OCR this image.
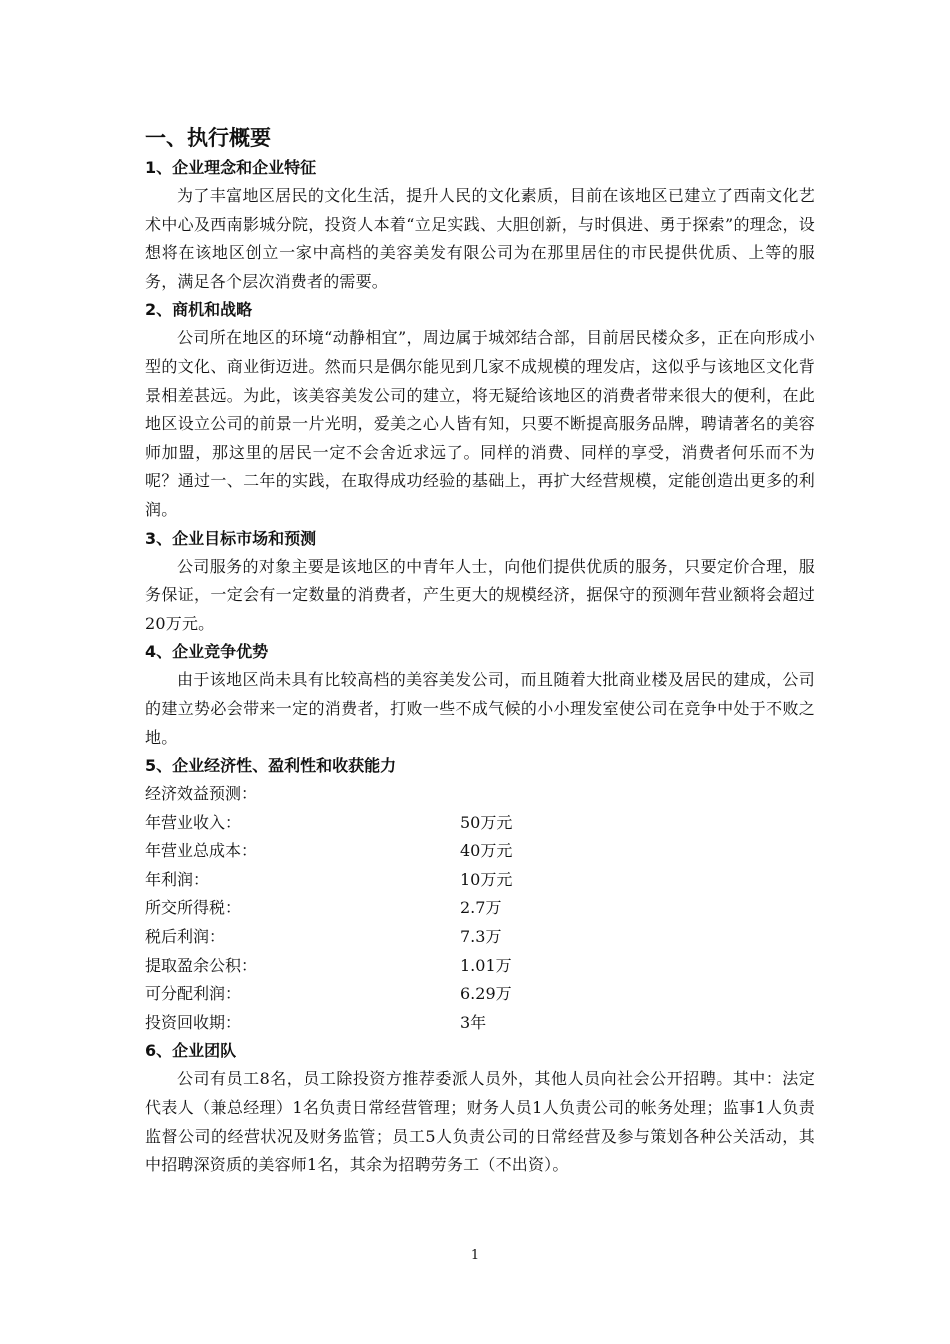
一、执行概要
1、企业理念和企业特征

为了丰富地区居民的文化生活，提升人民的文化素质，目前在该地区已建立了西南文化艺术中心及西南影城分院，投资人本着“立足实践、大胆创新，与时俱进、勇于探索”的理念，设想将在该地区创立一家中高档的美容美发有限公司为在那里居住的市民提供优质、上等的服务，满足各个层次消费者的需要。

2、商机和战略

公司所在地区的环境“动静相宜”，周边属于城郊结合部，目前居民楼众多，正在向形成小型的文化、商业街迈进。然而只是偶尔能见到几家不成规模的理发店，这似乎与该地区文化背景相差甚远。为此，该美容美发公司的建立，将无疑给该地区的消费者带来很大的便利，在此地区设立公司的前景一片光明，爱美之心人皆有知，只要不断提高服务品牌，聘请著名的美容师加盟，那这里的居民一定不会舍近求远了。同样的消费、同样的享受，消费者何乐而不为呢？通过一、二年的实践，在取得成功经验的基础上，再扩大经营规模，定能创造出更多的利润。

3、企业目标市场和预测

公司服务的对象主要是该地区的中青年人士，向他们提供优质的服务，只要定价合理，服务保证，一定会有一定数量的消费者，产生更大的规模经济，据保守的预测年营业额将会超过20万元。

4、企业竞争优势

由于该地区尚未具有比较高档的美容美发公司，而且随着大批商业楼及居民的建成，公司的建立势必会带来一定的消费者，打败一些不成气候的小小理发室使公司在竞争中处于不败之地。

5、企业经济性、盈利性和收获能力

经济效益预测：

年营业收入：	50万元
年营业总成本：	40万元
年利润：	10万元
所交所得税：	2.7万
税后利润：	7.3万
提取盈余公积：	1.01万
可分配利润：	6.29万
投资回收期：	3年
6、企业团队

公司有员工8名，员工除投资方推荐委派人员外，其他人员向社会公开招聘。其中：法定代表人（兼总经理）1名负责日常经营管理；财务人员1人负责公司的帐务处理；监事1人负责监督公司的经营状况及财务监管；员工5人负责公司的日常经营及参与策划各种公关活动，其中招聘深资质的美容师1名，其余为招聘劳务工（不出资）。

1
